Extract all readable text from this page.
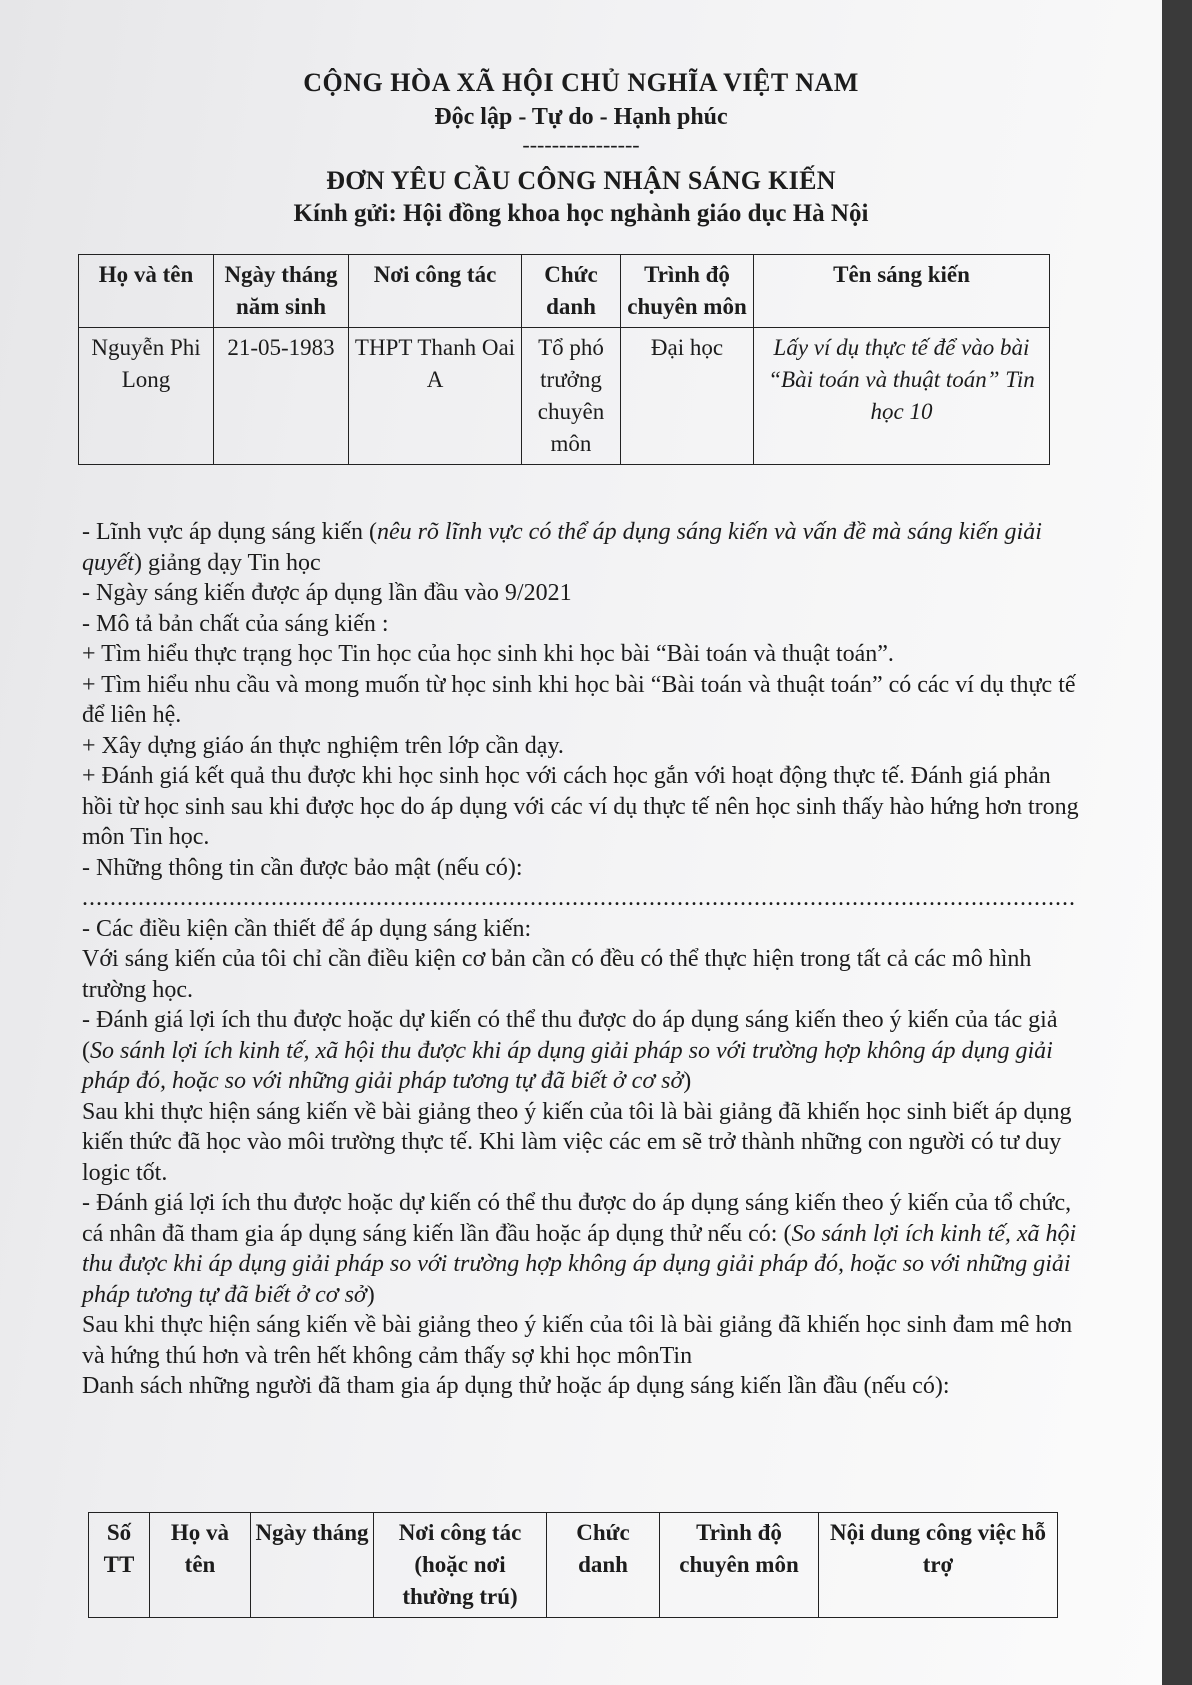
CỘNG HÒA XÃ HỘI CHỦ NGHĨA VIỆT NAM
Độc lập - Tự do - Hạnh phúc
----------------
ĐƠN YÊU CẦU CÔNG NHẬN SÁNG KIẾN
Kính gửi: Hội đồng khoa học nghành giáo dục Hà Nội
Họ và tên	Ngày tháng năm sinh	Nơi công tác	Chức danh	Trình độ chuyên môn	Tên sáng kiến
Nguyễn Phi Long	21-05-1983	THPT Thanh Oai A	Tổ phó trưởng chuyên môn	Đại học	Lấy ví dụ thực tế để vào bài “Bài toán và thuật toán” Tin học 10

- Lĩnh vực áp dụng sáng kiến (nêu rõ lĩnh vực có thể áp dụng sáng kiến và vấn đề mà sáng kiến giải quyết) giảng dạy Tin học

- Ngày sáng kiến được áp dụng lần đầu vào 9/2021

- Mô tả bản chất của sáng kiến :

+ Tìm hiểu thực trạng học Tin học của học sinh khi học bài “Bài toán và thuật toán”.

+ Tìm hiểu nhu cầu và mong muốn từ học sinh khi học bài “Bài toán và thuật toán” có các ví dụ thực tế để liên hệ.

+ Xây dựng giáo án thực nghiệm trên lớp cần dạy.

+ Đánh giá kết quả thu được khi học sinh học với cách học gắn với hoạt động thực tế. Đánh giá phản hồi từ học sinh sau khi được học do áp dụng với các ví dụ thực tế nên học sinh thấy hào hứng hơn trong môn Tin học.

- Những thông tin cần được bảo mật (nếu có):

..............................................................................................................................................

- Các điều kiện cần thiết để áp dụng sáng kiến:

Với sáng kiến của tôi chỉ cần điều kiện cơ bản cần có đều có thể thực hiện trong tất cả các mô hình trường học.

- Đánh giá lợi ích thu được hoặc dự kiến có thể thu được do áp dụng sáng kiến theo ý kiến của tác giả (So sánh lợi ích kinh tế, xã hội thu được khi áp dụng giải pháp so với trường hợp không áp dụng giải pháp đó, hoặc so với những giải pháp tương tự đã biết ở cơ sở)

Sau khi thực hiện sáng kiến về bài giảng theo ý kiến của tôi là bài giảng đã khiến học sinh biết áp dụng kiến thức đã học vào môi trường thực tế. Khi làm việc các em sẽ trở thành những con người có tư duy logic tốt.

- Đánh giá lợi ích thu được hoặc dự kiến có thể thu được do áp dụng sáng kiến theo ý kiến của tổ chức, cá nhân đã tham gia áp dụng sáng kiến lần đầu hoặc áp dụng thử nếu có: (So sánh lợi ích kinh tế, xã hội thu được khi áp dụng giải pháp so với trường hợp không áp dụng giải pháp đó, hoặc so với những giải pháp tương tự đã biết ở cơ sở)

Sau khi thực hiện sáng kiến về bài giảng theo ý kiến của tôi là bài giảng đã khiến học sinh đam mê hơn và hứng thú hơn và trên hết không cảm thấy sợ khi học mônTin

Danh sách những người đã tham gia áp dụng thử hoặc áp dụng sáng kiến lần đầu (nếu có):

Số TT	Họ và tên	Ngày tháng	Nơi công tác (hoặc nơi thường trú)	Chức danh	Trình độ chuyên môn	Nội dung công việc hỗ trợ
